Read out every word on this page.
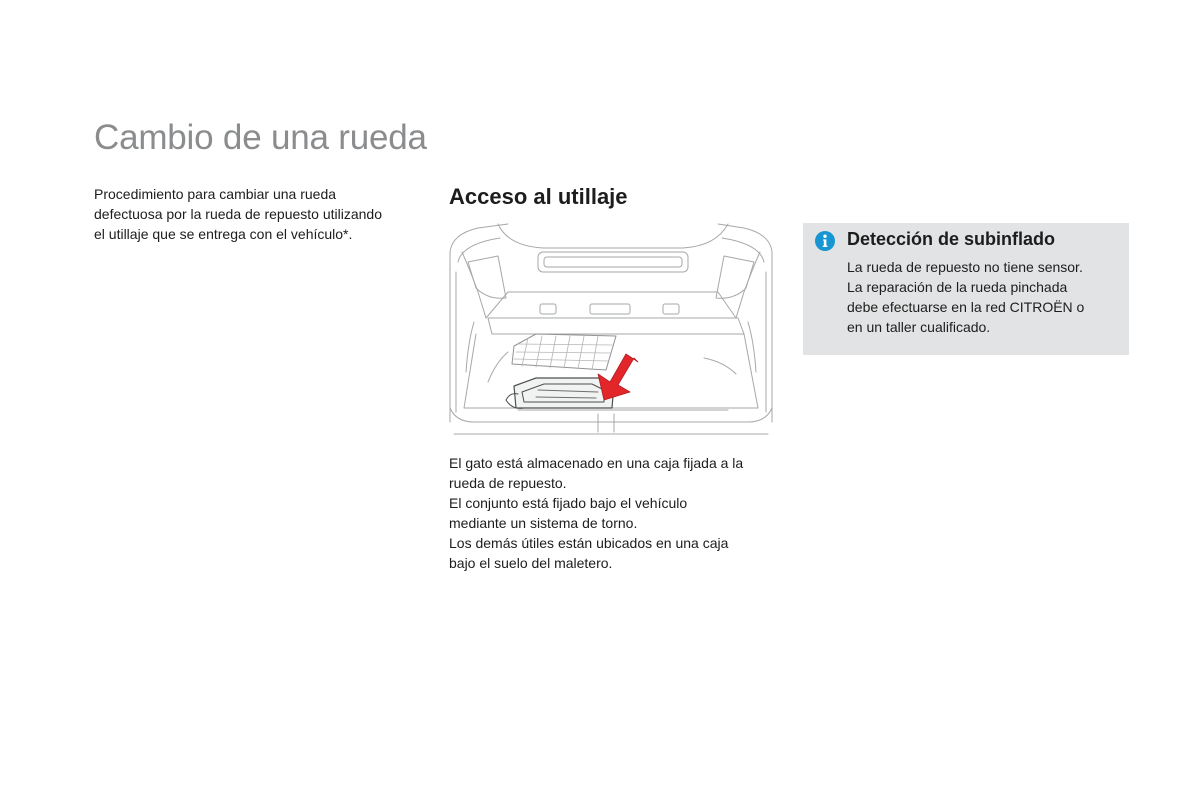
Cambio de una rueda

Procedimiento para cambiar una rueda

defectuosa por la rueda de repuesto utilizando

el utillaje que se entrega con el vehículo*.

Acceso al utillaje

El gato está almacenado en una caja fijada a la

rueda de repuesto.

El conjunto está fijado bajo el vehículo

mediante un sistema de torno.

Los demás útiles están ubicados en una caja

bajo el suelo del maletero.

Detección de subinflado

La rueda de repuesto no tiene sensor.

La reparación de la rueda pinchada

debe efectuarse en la red CITROËN o

en un taller cualificado.
